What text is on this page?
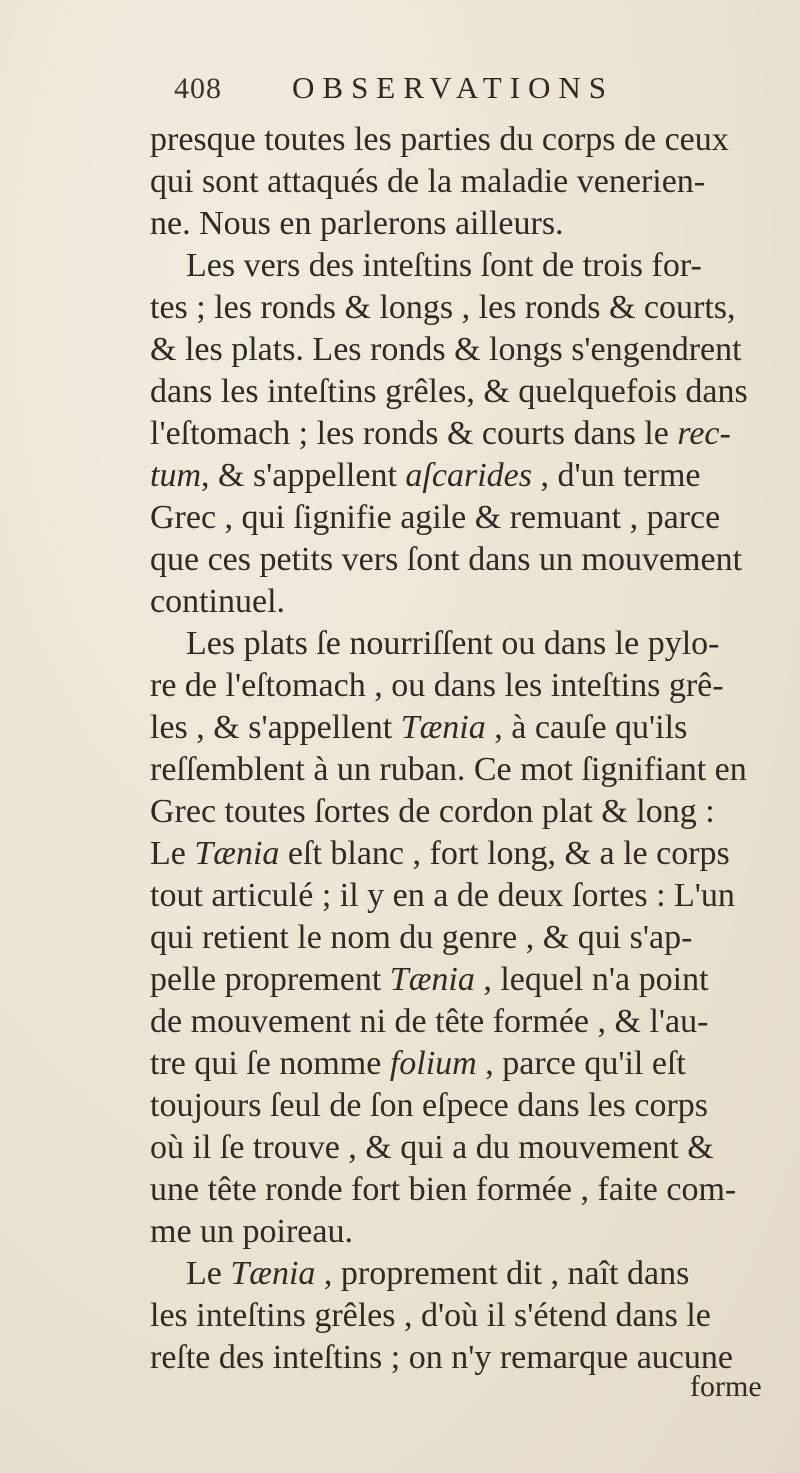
408 OBSERVATIONS
presque toutes les parties du corps de ceux
qui sont attaqués de la maladie venerien-
ne. Nous en parlerons ailleurs.
Les vers des inteſtins ſont de trois for-
tes ; les ronds & longs , les ronds & courts,
& les plats. Les ronds & longs s'engendrent
dans les inteſtins grêles, & quelquefois dans
l'eſtomach ; les ronds & courts dans le rec-
tum, & s'appellent aſcarides , d'un terme
Grec , qui ſignifie agile & remuant , parce
que ces petits vers ſont dans un mouvement
continuel.
Les plats ſe nourriſſent ou dans le pylo-
re de l'eſtomach , ou dans les inteſtins grê-
les , & s'appellent Tænia , à cauſe qu'ils
reſſemblent à un ruban. Ce mot ſignifiant en
Grec toutes ſortes de cordon plat & long :
Le Tænia eſt blanc , fort long, & a le corps
tout articulé ; il y en a de deux ſortes : L'un
qui retient le nom du genre , & qui s'ap-
pelle proprement Tænia , lequel n'a point
de mouvement ni de tête formée , & l'au-
tre qui ſe nomme folium , parce qu'il eſt
toujours ſeul de ſon eſpece dans les corps
où il ſe trouve , & qui a du mouvement &
une tête ronde fort bien formée , faite com-
me un poireau.
Le Tænia , proprement dit , naît dans
les inteſtins grêles , d'où il s'étend dans le
reſte des inteſtins ; on n'y remarque aucune
forme
